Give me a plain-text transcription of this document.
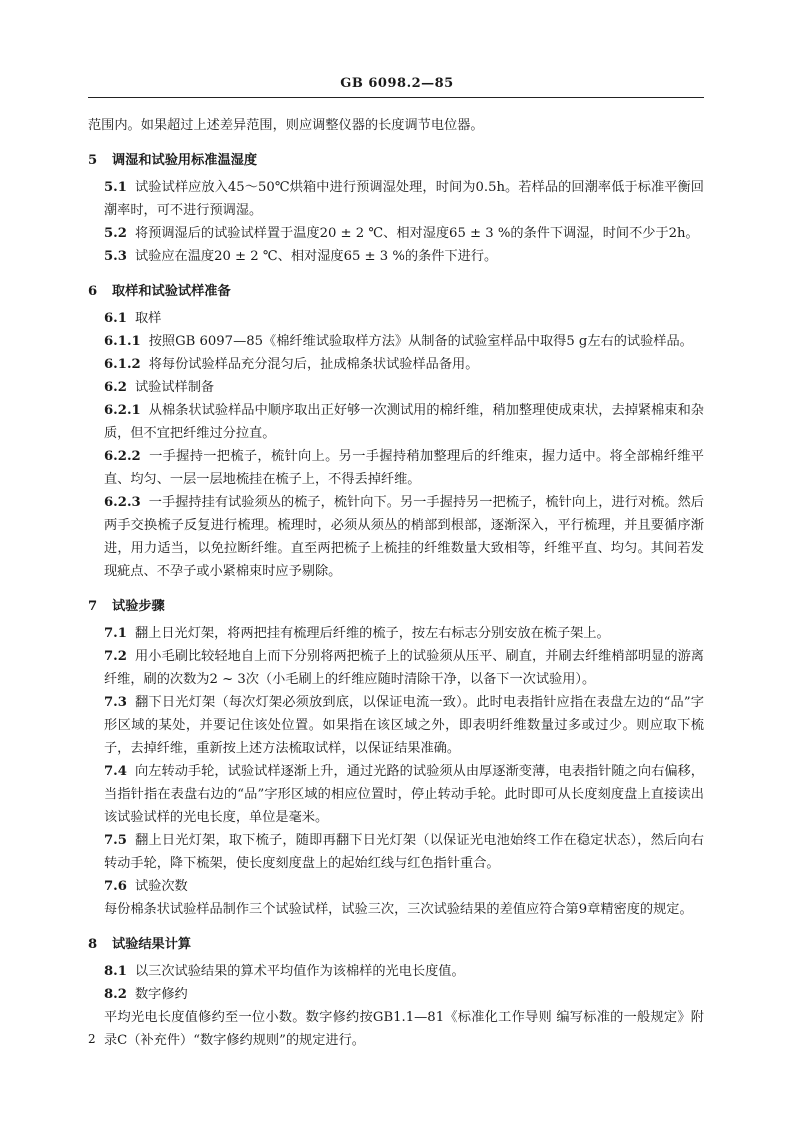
GB 6098.2—85

范围内。如果超过上述差异范围，则应调整仪器的长度调节电位器。

5 调湿和试验用标准温湿度

5.1 试验试样应放入45～50℃烘箱中进行预调湿处理，时间为0.5h。若样品的回潮率低于标准平衡回潮率时，可不进行预调湿。

5.2 将预调湿后的试验试样置于温度20 ± 2 ℃、相对湿度65 ± 3 %的条件下调湿，时间不少于2h。

5.3 试验应在温度20 ± 2 ℃、相对湿度65 ± 3 %的条件下进行。

6 取样和试验试样准备

6.1 取样

6.1.1 按照GB 6097—85《棉纤维试验取样方法》从制备的试验室样品中取得5 g左右的试验样品。

6.1.2 将每份试验样品充分混匀后，扯成棉条状试验样品备用。

6.2 试验试样制备

6.2.1 从棉条状试验样品中顺序取出正好够一次测试用的棉纤维，稍加整理使成束状，去掉紧棉束和杂质，但不宜把纤维过分拉直。

6.2.2 一手握持一把梳子，梳针向上。另一手握持稍加整理后的纤维束，握力适中。将全部棉纤维平直、均匀、一层一层地梳挂在梳子上，不得丢掉纤维。

6.2.3 一手握持挂有试验须丛的梳子，梳针向下。另一手握持另一把梳子，梳针向上，进行对梳。然后两手交换梳子反复进行梳理。梳理时，必须从须丛的梢部到根部，逐渐深入，平行梳理，并且要循序渐进，用力适当，以免拉断纤维。直至两把梳子上梳挂的纤维数量大致相等，纤维平直、均匀。其间若发现疵点、不孕子或小紧棉束时应予剔除。

7 试验步骤

7.1 翻上日光灯架，将两把挂有梳理后纤维的梳子，按左右标志分别安放在梳子架上。

7.2 用小毛刷比较轻地自上而下分别将两把梳子上的试验须从压平、刷直，并刷去纤维梢部明显的游离纤维，刷的次数为2 ~ 3次（小毛刷上的纤维应随时清除干净，以备下一次试验用）。

7.3 翻下日光灯架（每次灯架必须放到底，以保证电流一致）。此时电表指针应指在表盘左边的“品”字形区域的某处，并要记住该处位置。如果指在该区域之外，即表明纤维数量过多或过少。则应取下梳子，去掉纤维，重新按上述方法梳取试样，以保证结果准确。

7.4 向左转动手轮，试验试样逐渐上升，通过光路的试验须从由厚逐渐变薄，电表指针随之向右偏移，当指针指在表盘右边的“品”字形区域的相应位置时，停止转动手轮。此时即可从长度刻度盘上直接读出该试验试样的光电长度，单位是毫米。

7.5 翻上日光灯架，取下梳子，随即再翻下日光灯架（以保证光电池始终工作在稳定状态），然后向右转动手轮，降下梳架，使长度刻度盘上的起始红线与红色指针重合。

7.6 试验次数

每份棉条状试验样品制作三个试验试样，试验三次，三次试验结果的差值应符合第9章精密度的规定。

8 试验结果计算

8.1 以三次试验结果的算术平均值作为该棉样的光电长度值。

8.2 数字修约

平均光电长度值修约至一位小数。数字修约按GB1.1—81《标准化工作导则 编写标准的一般规定》附录C（补充件）“数字修约规则”的规定进行。

2
